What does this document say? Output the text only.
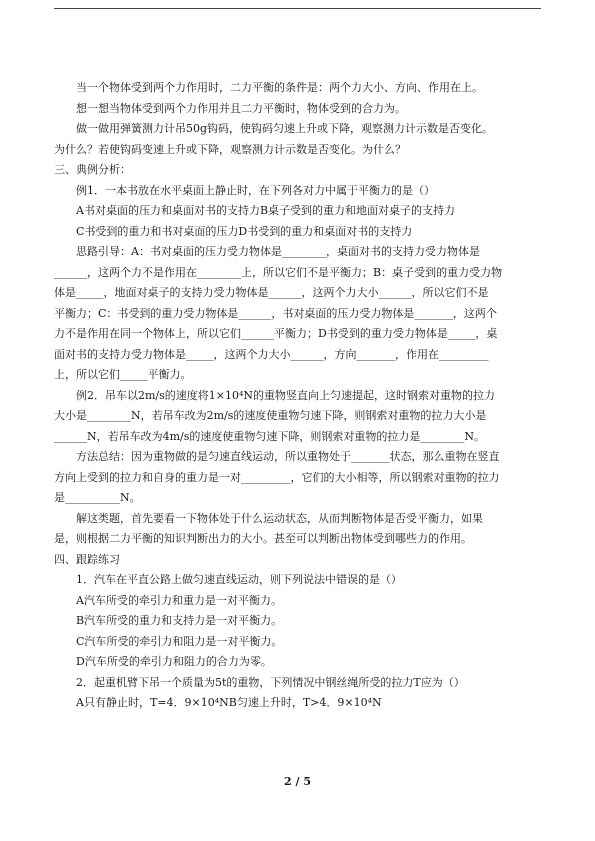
当一个物体受到两个力作用时，二力平衡的条件是：两个力大小、方向、作用在上。
想一想当物体受到两个力作用并且二力平衡时，物体受到的合力为。
做一做用弹簧测力计吊50g钩码，使钩码匀速上升或下降，观察测力计示数是否变化。
为什么？若使钩码变速上升或下降，观察测力计示数是否变化。为什么？
三、典例分析：
例1．一本书放在水平桌面上静止时，在下列各对力中属于平衡力的是（）
A书对桌面的压力和桌面对书的支持力B桌子受到的重力和地面对桌子的支持力
C书受到的重力和书对桌面的压力D书受到的重力和桌面对书的支持力
思路引导：A：书对桌面的压力受力物体是________，桌面对书的支持力受力物体是
______，这两个力不是作用在________上，所以它们不是平衡力；B：桌子受到的重力受力物
体是_____，地面对桌子的支持力受力物体是______，这两个力大小______，所以它们不是
平衡力；C：书受到的重力受力物体是______，书对桌面的压力受力物体是_______，这两个
力不是作用在同一个物体上，所以它们______平衡力；D书受到的重力受力物体是_____，桌
面对书的支持力受力物体是_____，这两个力大小______，方向_______，作用在_________
上，所以它们_____平衡力。
例2．吊车以2m/s的速度将1×10⁴N的重物竖直向上匀速提起，这时钢索对重物的拉力
大小是________N，若吊车改为2m/s的速度使重物匀速下降，则钢索对重物的拉力大小是
______N，若吊车改为4m/s的速度使重物匀速下降，则钢索对重物的拉力是________N。
方法总结：因为重物做的是匀速直线运动，所以重物处于_______状态，那么重物在竖直
方向上受到的拉力和自身的重力是一对_________，它们的大小相等，所以钢索对重物的拉力
是__________N。
解这类题，首先要看一下物体处于什么运动状态，从而判断物体是否受平衡力，如果
是，则根据二力平衡的知识判断出力的大小。甚至可以判断出物体受到哪些力的作用。
四、跟踪练习
1．汽车在平直公路上做匀速直线运动，则下列说法中错误的是（）
A汽车所受的牵引力和重力是一对平衡力。
B汽车所受的重力和支持力是一对平衡力。
C汽车所受的牵引力和阻力是一对平衡力。
D汽车所受的牵引力和阻力的合力为零。
2．起重机臂下吊一个质量为5t的重物，下列情况中钢丝绳所受的拉力T应为（）
A只有静止时，T=4．9×10⁴NB匀速上升时，T>4．9×10⁴N
2 / 5
